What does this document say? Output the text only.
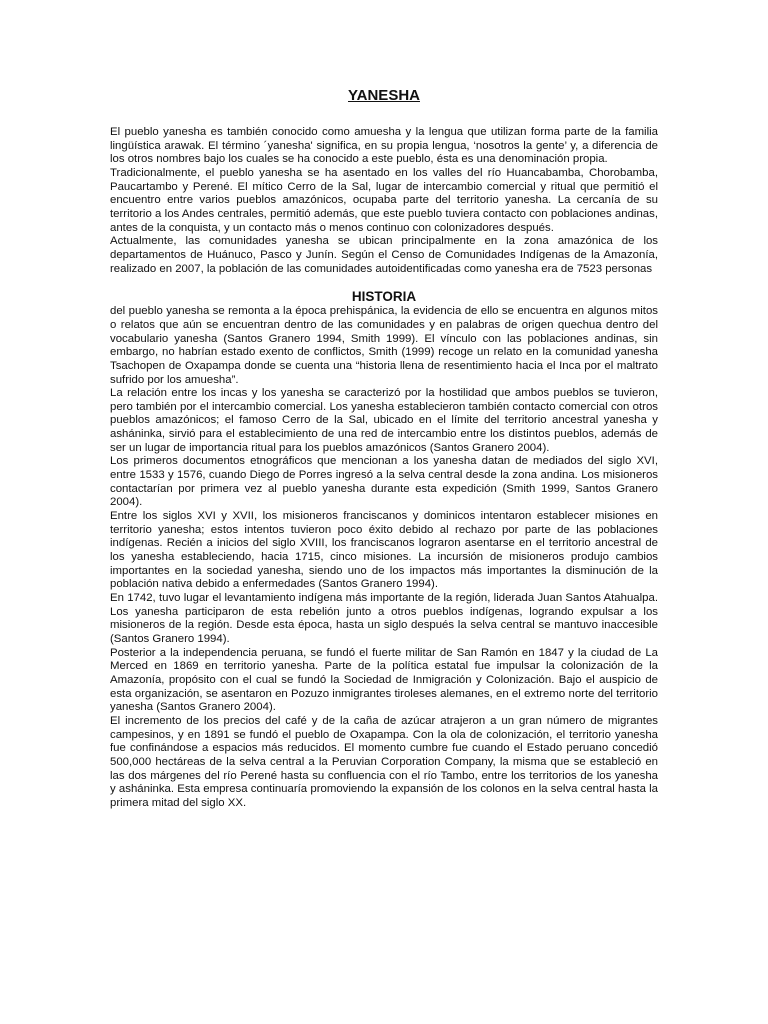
YANESHA

El pueblo yanesha es también conocido como amuesha y la lengua que utilizan forma parte de la familia lingüística arawak. El término ´yanesha' significa, en su propia lengua, ‘nosotros la gente’ y, a diferencia de los otros nombres bajo los cuales se ha conocido a este pueblo, ésta es una denominación propia.

Tradicionalmente, el pueblo yanesha se ha asentado en los valles del río Huancabamba, Chorobamba, Paucartambo y Perené. El mítico Cerro de la Sal, lugar de intercambio comercial y ritual que permitió el encuentro entre varios pueblos amazónicos, ocupaba parte del territorio yanesha. La cercanía de su territorio a los Andes centrales, permitió además, que este pueblo tuviera contacto con poblaciones andinas, antes de la conquista, y un contacto más o menos continuo con colonizadores después.

Actualmente, las comunidades yanesha se ubican principalmente en la zona amazónica de los departamentos de Huánuco, Pasco y Junín. Según el Censo de Comunidades Indígenas de la Amazonía, realizado en 2007, la población de las comunidades autoidentificadas como yanesha era de 7523 personas

HISTORIA

del pueblo yanesha se remonta a la época prehispánica, la evidencia de ello se encuentra en algunos mitos o relatos que aún se encuentran dentro de las comunidades y en palabras de origen quechua dentro del vocabulario yanesha (Santos Granero 1994, Smith 1999). El vínculo con las poblaciones andinas, sin embargo, no habrían estado exento de conflictos, Smith (1999) recoge un relato en la comunidad yanesha Tsachopen de Oxapampa donde se cuenta una “historia llena de resentimiento hacia el Inca por el maltrato sufrido por los amuesha”.

La relación entre los incas y los yanesha se caracterizó por la hostilidad que ambos pueblos se tuvieron, pero también por el intercambio comercial. Los yanesha establecieron también contacto comercial con otros pueblos amazónicos; el famoso Cerro de la Sal, ubicado en el límite del territorio ancestral yanesha y asháninka, sirvió para el establecimiento de una red de intercambio entre los distintos pueblos, además de ser un lugar de importancia ritual para los pueblos amazónicos (Santos Granero 2004).

Los primeros documentos etnográficos que mencionan a los yanesha datan de mediados del siglo XVI, entre 1533 y 1576, cuando Diego de Porres ingresó a la selva central desde la zona andina. Los misioneros contactarían por primera vez al pueblo yanesha durante esta expedición (Smith 1999, Santos Granero 2004).

Entre los siglos XVI y XVII, los misioneros franciscanos y dominicos intentaron establecer misiones en territorio yanesha; estos intentos tuvieron poco éxito debido al rechazo por parte de las poblaciones indígenas. Recién a inicios del siglo XVIII, los franciscanos lograron asentarse en el territorio ancestral de los yanesha estableciendo, hacia 1715, cinco misiones. La incursión de misioneros produjo cambios importantes en la sociedad yanesha, siendo uno de los impactos más importantes la disminución de la población nativa debido a enfermedades (Santos Granero 1994).

En 1742, tuvo lugar el levantamiento indígena más importante de la región, liderada Juan Santos Atahualpa. Los yanesha participaron de esta rebelión junto a otros pueblos indígenas, logrando expulsar a los misioneros de la región. Desde esta época, hasta un siglo después la selva central se mantuvo inaccesible (Santos Granero 1994).

Posterior a la independencia peruana, se fundó el fuerte militar de San Ramón en 1847 y la ciudad de La Merced en 1869 en territorio yanesha. Parte de la política estatal fue impulsar la colonización de la Amazonía, propósito con el cual se fundó la Sociedad de Inmigración y Colonización. Bajo el auspicio de esta organización, se asentaron en Pozuzo inmigrantes tiroleses alemanes, en el extremo norte del territorio yanesha (Santos Granero 2004).

El incremento de los precios del café y de la caña de azúcar atrajeron a un gran número de migrantes campesinos, y en 1891 se fundó el pueblo de Oxapampa. Con la ola de colonización, el territorio yanesha fue confinándose a espacios más reducidos. El momento cumbre fue cuando el Estado peruano concedió 500,000 hectáreas de la selva central a la Peruvian Corporation Company, la misma que se estableció en las dos márgenes del río Perené hasta su confluencia con el río Tambo, entre los territorios de los yanesha y asháninka. Esta empresa continuaría promoviendo la expansión de los colonos en la selva central hasta la primera mitad del siglo XX.
